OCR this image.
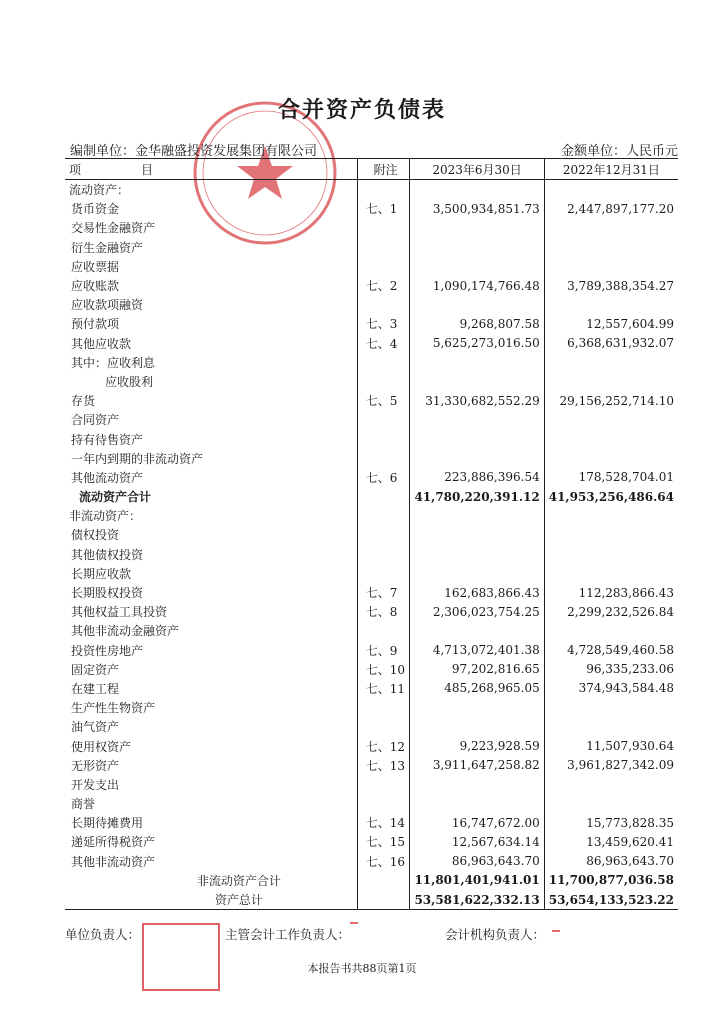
合并资产负债表
编制单位：金华融盛投资发展集团有限公司	金额单位：人民币元
项目	附注	2023年6月30日	2022年12月31日
流动资产：			
货币资金	七、1	3,500,934,851.73	2,447,897,177.20
交易性金融资产			
衍生金融资产			
应收票据			
应收账款	七、2	1,090,174,766.48	3,789,388,354.27
应收款项融资			
预付款项	七、3	9,268,807.58	12,557,604.99
其他应收款	七、4	5,625,273,016.50	6,368,631,932.07
其中：应收利息			
应收股利			
存货	七、5	31,330,682,552.29	29,156,252,714.10
合同资产			
持有待售资产			
一年内到期的非流动资产			
其他流动资产	七、6	223,886,396.54	178,528,704.01
流动资产合计		41,780,220,391.12	41,953,256,486.64
非流动资产：			
债权投资			
其他债权投资			
长期应收款			
长期股权投资	七、7	162,683,866.43	112,283,866.43
其他权益工具投资	七、8	2,306,023,754.25	2,299,232,526.84
其他非流动金融资产			
投资性房地产	七、9	4,713,072,401.38	4,728,549,460.58
固定资产	七、10	97,202,816.65	96,335,233.06
在建工程	七、11	485,268,965.05	374,943,584.48
生产性生物资产			
油气资产			
使用权资产	七、12	9,223,928.59	11,507,930.64
无形资产	七、13	3,911,647,258.82	3,961,827,342.09
开发支出			
商誉			
长期待摊费用	七、14	16,747,672.00	15,773,828.35
递延所得税资产	七、15	12,567,634.14	13,459,620.41
其他非流动资产	七、16	86,963,643.70	86,963,643.70
非流动资产合计		11,801,401,941.01	11,700,877,036.58
资产总计		53,581,622,332.13	53,654,133,523.22
单位负责人：	主管会计工作负责人：	会计机构负责人：
本报告书共88页第1页
